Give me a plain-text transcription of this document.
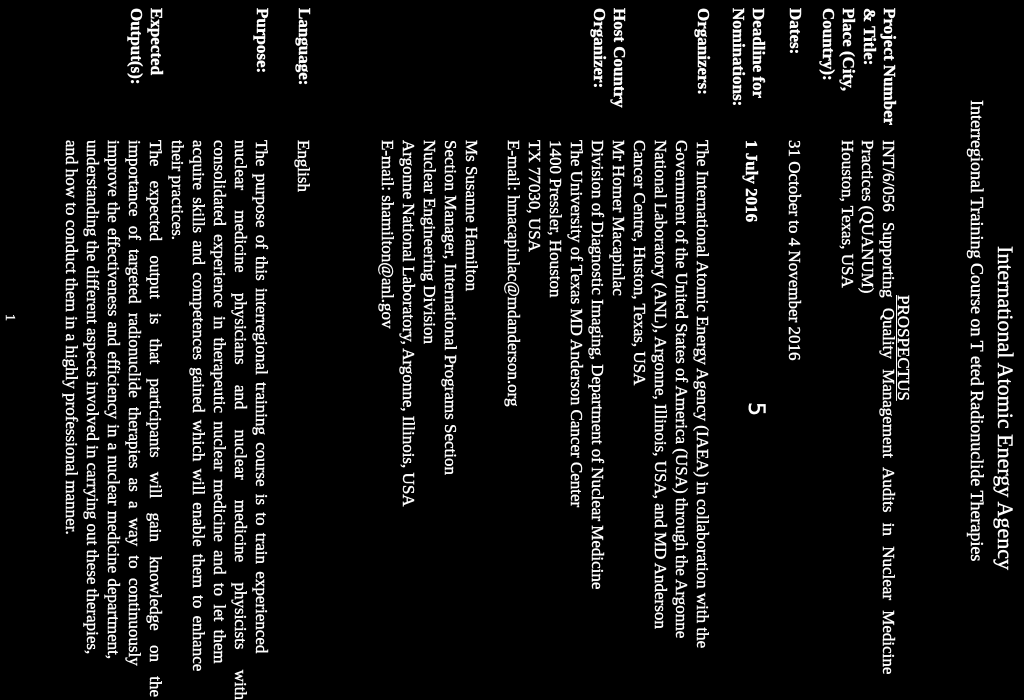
International Atomic Energy Agency
Interregional Training Course on T eted Radionuclide Therapies
PROSPECTUS
Project Number
& Title:
INT/6/056 Supporting Quality Management Audits in Nuclear Medicine
Practices (QUANUM)
Place (City,
Country):
Houston, Texas, USA
Dates:
31 October to 4 November 2016
5
Deadline for
Nominations:
1 July 2016
Organizers:
The International Atomic Energy Agency (IAEA) in collaboration with the
Government of the United States of America (USA) through the Argonne
National Laboratory (ANL), Argonne, Illinois, USA, and MD Anderson
Cancer Centre, Huston, Texas, USA
Host Country
Organizer:
Mr Homer Macapinlac
Division of Diagnostic Imaging, Department of Nuclear Medicine
The University of Texas MD Anderson Cancer Center
1400 Pressler, Houston
TX 77030, USA
E-mail: hmacapinlac@mdanderson.org
Ms Susanne Hamilton
Section Manager, International Programs Section
Nuclear Engineering Division
Argonne National Laboratory, Argonne, Illinois, USA
E-mail: shamilton@anl.gov
Language:
English
Purpose:
The purpose of this interregional training course is to train experienced
nuclear medicine physicians and nuclear medicine physicists with
consolidated experience in therapeutic nuclear medicine and to let them
acquire skills and competences gained which will enable them to enhance
their practices.
Expected
Output(s):
The expected output is that participants will gain knowledge on the
importance of targeted radionuclide therapies as a way to continuously
improve the effectiveness and efficiency in a nuclear medicine department,
understanding the different aspects involved in carrying out these therapies,
and how to conduct them in a highly professional manner.
1
